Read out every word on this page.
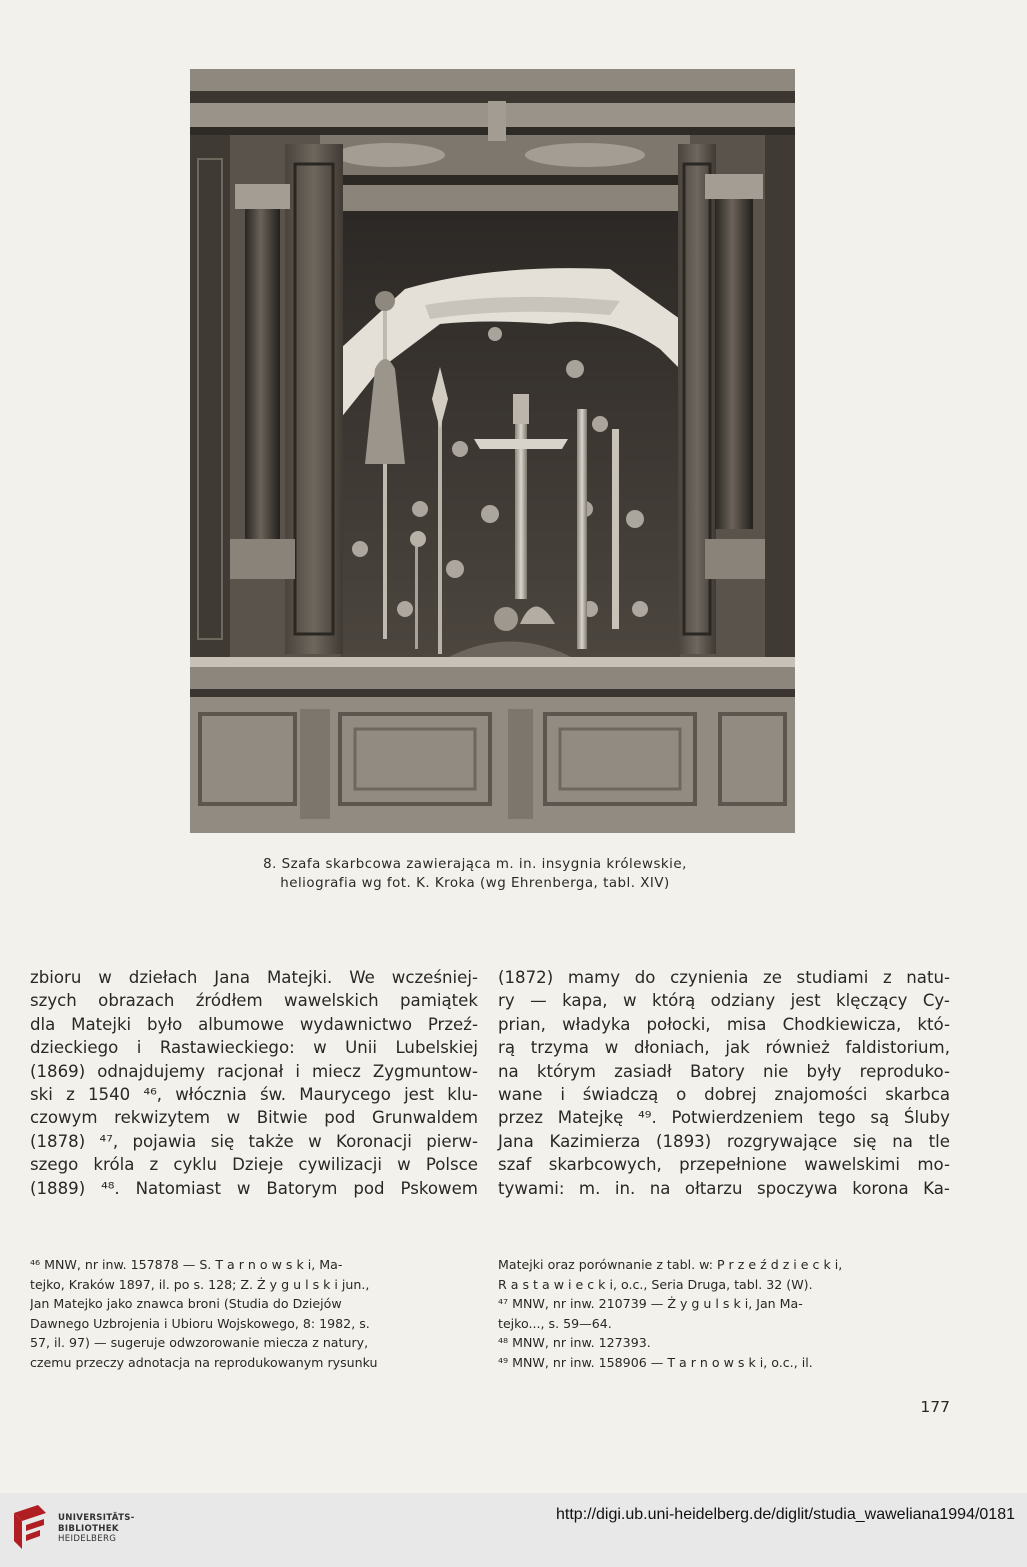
8. Szafa skarbcowa zawierająca m. in. insygnia królewskie,
heliografia wg fot. K. Kroka (wg Ehrenberga, tabl. XIV)
zbioru w dziełach Jana Matejki. We wcześniej-
szych obrazach źródłem wawelskich pamiątek
dla Matejki było albumowe wydawnictwo Przeź-
dzieckiego i Rastawieckiego: w Unii Lubelskiej
(1869) odnajdujemy racjonał i miecz Zygmuntow-
ski z 1540 ⁴⁶, włócznia św. Maurycego jest klu-
czowym rekwizytem w Bitwie pod Grunwaldem
(1878) ⁴⁷, pojawia się także w Koronacji pierw-
szego króla z cyklu Dzieje cywilizacji w Polsce
(1889) ⁴⁸. Natomiast w Batorym pod Pskowem
(1872) mamy do czynienia ze studiami z natu-
ry — kapa, w którą odziany jest klęczący Cy-
prian, władyka połocki, misa Chodkiewicza, któ-
rą trzyma w dłoniach, jak również faldistorium,
na którym zasiadł Batory nie były reproduko-
wane i świadczą o dobrej znajomości skarbca
przez Matejkę ⁴⁹. Potwierdzeniem tego są Śluby
Jana Kazimierza (1893) rozgrywające się na tle
szaf skarbcowych, przepełnione wawelskimi mo-
tywami: m. in. na ołtarzu spoczywa korona Ka-
⁴⁶ MNW, nr inw. 157878 — S. T a r n o w s k i, Ma-
tejko, Kraków 1897, il. po s. 128; Z. Ż y g u l s k i jun.,
Jan Matejko jako znawca broni (Studia do Dziejów
Dawnego Uzbrojenia i Ubioru Wojskowego, 8: 1982, s.
57, il. 97) — sugeruje odwzorowanie miecza z natury,
czemu przeczy adnotacja na reprodukowanym rysunku
Matejki oraz porównanie z tabl. w: P r z e ź d z i e c k i,
R a s t a w i e c k i, o.c., Seria Druga, tabl. 32 (W).
⁴⁷ MNW, nr inw. 210739 — Ż y g u l s k i, Jan Ma-
tejko..., s. 59—64.
⁴⁸ MNW, nr inw. 127393.
⁴⁹ MNW, nr inw. 158906 — T a r n o w s k i, o.c., il.
177
UNIVERSITÄTS-
BIBLIOTHEK
HEIDELBERG
http://digi.ub.uni-heidelberg.de/diglit/studia_waweliana1994/0181
